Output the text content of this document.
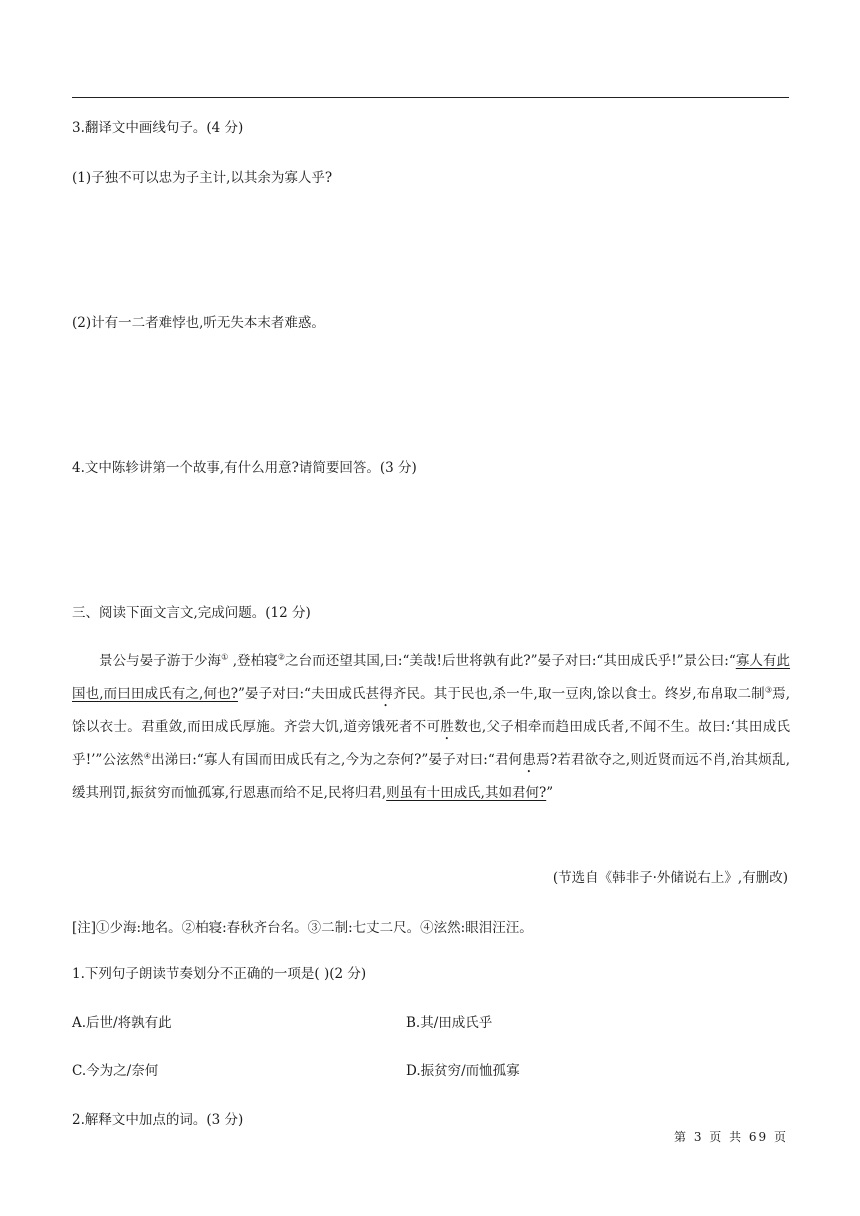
3.翻译文中画线句子。(4 分)
(1)子独不可以忠为子主计,以其余为寡人乎?
(2)计有一二者难悖也,听无失本末者难惑。
4.文中陈轸讲第一个故事,有什么用意?请简要回答。(3 分)
三、阅读下面文言文,完成问题。(12 分)

景公与晏子游于少海① ,登柏寝②之台而还望其国,曰:“美哉!后世将孰有此?”晏子对曰:“其田成氏乎!”景公曰:“寡人有此国也,而曰田成氏有之,何也?”晏子对曰:“夫田成氏甚得齐民。其于民也,杀一牛,取一豆肉,馀以食士。终岁,布帛取二制③焉,馀以衣士。君重敛,而田成氏厚施。齐尝大饥,道旁饿死者不可胜数也,父子相牵而趋田成氏者,不闻不生。故曰:‘其田成氏乎!’”公泫然④出涕曰:“寡人有国而田成氏有之,今为之奈何?”晏子对曰:“君何患焉?若君欲夺之,则近贤而远不肖,治其烦乱,缓其刑罚,振贫穷而恤孤寡,行恩惠而给不足,民将归君,则虽有十田成氏,其如君何?”

(节选自《韩非子·外储说右上》,有删改)
[注]①少海:地名。②柏寝:春秋齐台名。③二制:七丈二尺。④泫然:眼泪汪汪。
1.下列句子朗读节奏划分不正确的一项是( )(2 分)
A.后世/将孰有此	B.其/田成氏乎
C.今为之/奈何	D.振贫穷/而恤孤寡
2.解释文中加点的词。(3 分)
第 3 页 共 69 页
